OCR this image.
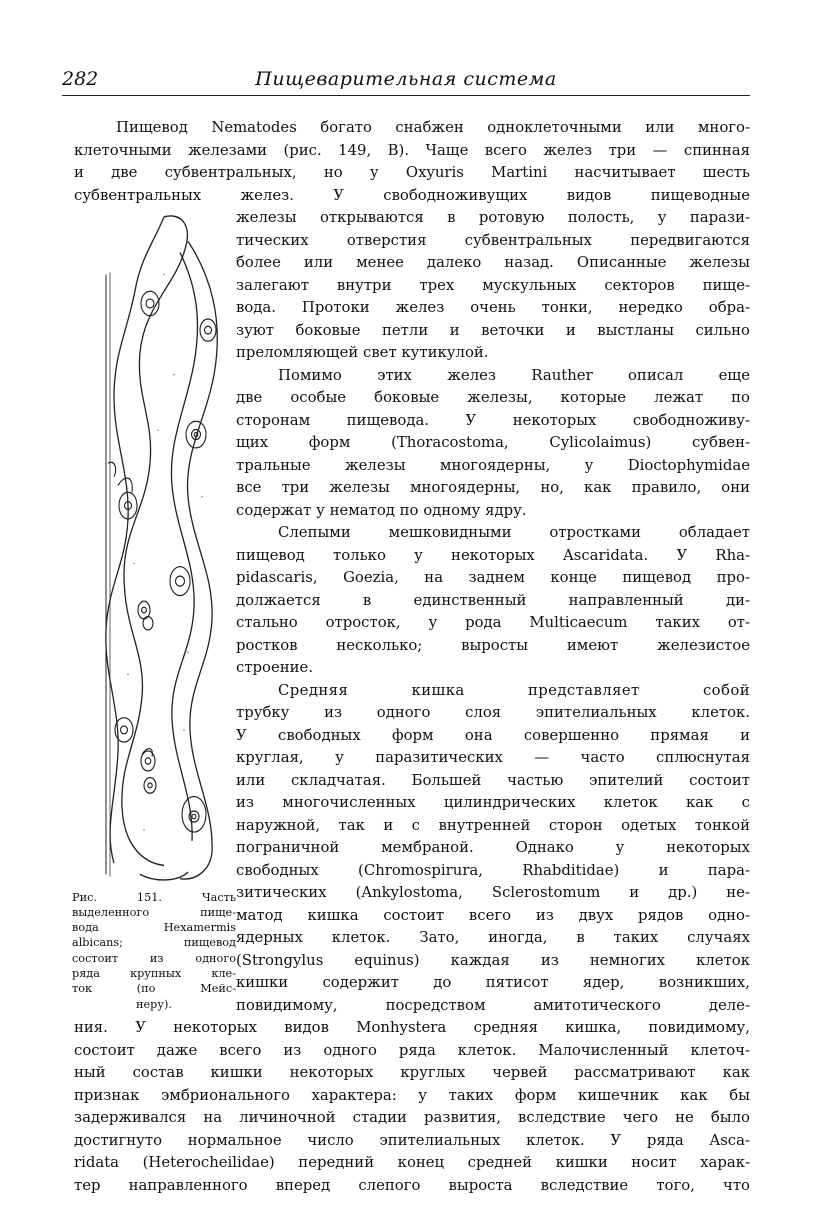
282	Пищеварительная система
Пищевод Nematodes богато снабжен одноклеточными или много-
клеточными железами (рис. 149, B). Чаще всего желез три — спинная
и две субвентральных, но у Oxyuris Martini насчитывает шесть
субвентральных желез. У свободноживущих видов пищеводные
железы открываются в ротовую полость, у парази-
тических отверстия субвентральных передвигаются
более или менее далеко назад. Описанные железы
залегают внутри трех мускульных секторов пище-
вода. Протоки желез очень тонки, нередко обра-
зуют боковые петли и веточки и выстланы сильно
преломляющей свет кутикулой.
Помимо этих желез Rauther описал еще
две особые боковые железы, которые лежат по
сторонам пищевода. У некоторых свободноживу-
щих форм (Thoracostoma, Cylicolaimus) субвен-
тральные железы многоядерны, у Dioctophymidae
все три железы многоядерны, но, как правило, они
содержат у нематод по одному ядру.
Слепыми мешковидными отростками обладает
пищевод только у некоторых Ascaridata. У Rha-
pidascaris, Goezia, на заднем конце пищевод про-
должается в единственный направленный ди-
стально отросток, у рода Multicaecum таких от-
ростков несколько; выросты имеют железистое
строение.
Средняя кишка представляет собой
трубку из одного слоя эпителиальных клеток.
У свободных форм она совершенно прямая и
круглая, у паразитических — часто сплюснутая
или складчатая. Большей частью эпителий состоит
из многочисленных цилиндрических клеток как с
наружной, так и с внутренней сторон одетых тонкой
пограничной мембраной. Однако у некоторых
свободных (Chromospirura, Rhabditidae) и пара-
зитических (Ankylostoma, Sclerostomum и др.) не-
матод кишка состоит всего из двух рядов одно-
ядерных клеток. Зато, иногда, в таких случаях
(Strongylus equinus) каждая из немногих клеток
кишки содержит до пятисот ядер, возникших,
повидимому, посредством амитотического деле-
ния. У некоторых видов Monhystera средняя кишка, повидимому,
Рис. 151. Часть
выделенного пище-
вода Hexamermis
albicans; пищевод
состоит из одного
ряда крупных кле-
ток (по Мейс-
неру).
состоит даже всего из одного ряда клеток. Малочисленный клеточ-
ный состав кишки некоторых круглых червей рассматривают как
признак эмбрионального характера: у таких форм кишечник как бы
задерживался на личиночной стадии развития, вследствие чего не было
достигнуто нормальное число эпителиальных клеток. У ряда Asca-
ridata (Heterocheilidae) передний конец средней кишки носит харак-
тер направленного вперед слепого выроста вследствие того, что
